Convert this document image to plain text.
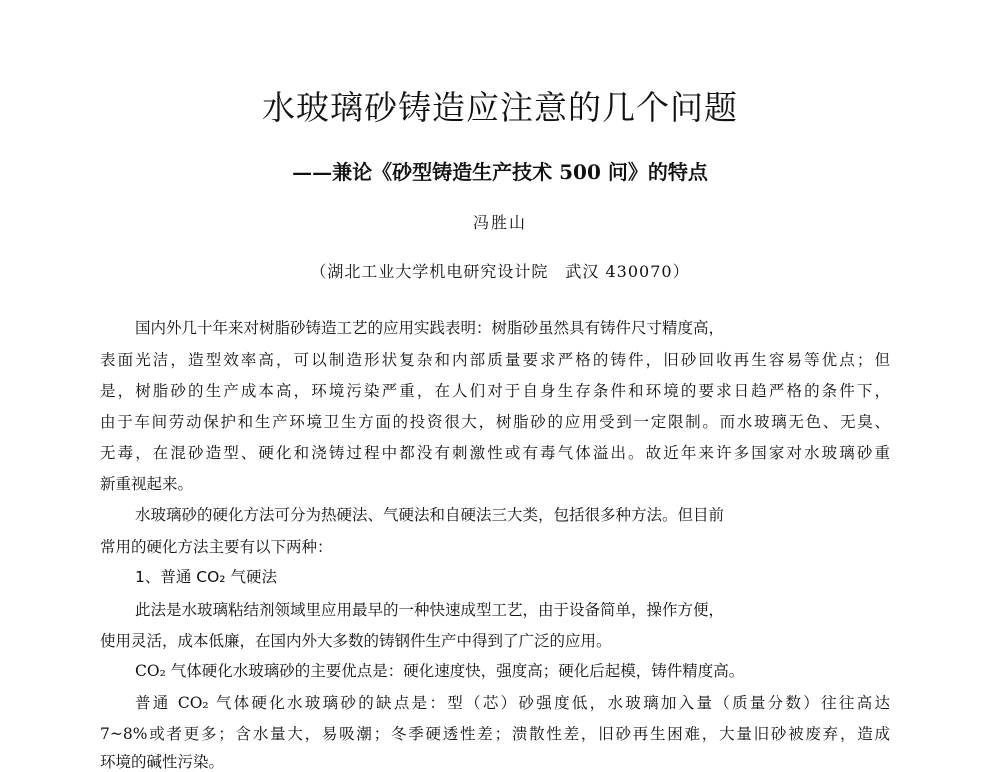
水玻璃砂铸造应注意的几个问题
——兼论《砂型铸造生产技术 500 问》的特点
冯胜山
（湖北工业大学机电研究设计院　武汉 430070）
国内外几十年来对树脂砂铸造工艺的应用实践表明：树脂砂虽然具有铸件尺寸精度高，
表面光洁，造型效率高，可以制造形状复杂和内部质量要求严格的铸件，旧砂回收再生容易等优点；但
是，树脂砂的生产成本高，环境污染严重，在人们对于自身生存条件和环境的要求日趋严格的条件下，
由于车间劳动保护和生产环境卫生方面的投资很大，树脂砂的应用受到一定限制。而水玻璃无色、无臭、
无毒，在混砂造型、硬化和浇铸过程中都没有刺激性或有毒气体溢出。故近年来许多国家对水玻璃砂重
新重视起来。
水玻璃砂的硬化方法可分为热硬法、气硬法和自硬法三大类，包括很多种方法。但目前
常用的硬化方法主要有以下两种：
1、普通 CO₂ 气硬法
此法是水玻璃粘结剂领域里应用最早的一种快速成型工艺，由于设备简单，操作方便，
使用灵活，成本低廉，在国内外大多数的铸钢件生产中得到了广泛的应用。
CO₂ 气体硬化水玻璃砂的主要优点是：硬化速度快，强度高；硬化后起模，铸件精度高。
普通 CO₂ 气体硬化水玻璃砂的缺点是：型（芯）砂强度低，水玻璃加入量（质量分数）往往高达
7~8%或者更多；含水量大，易吸潮；冬季硬透性差；溃散性差，旧砂再生困难，大量旧砂被废弃，造成
环境的碱性污染。
